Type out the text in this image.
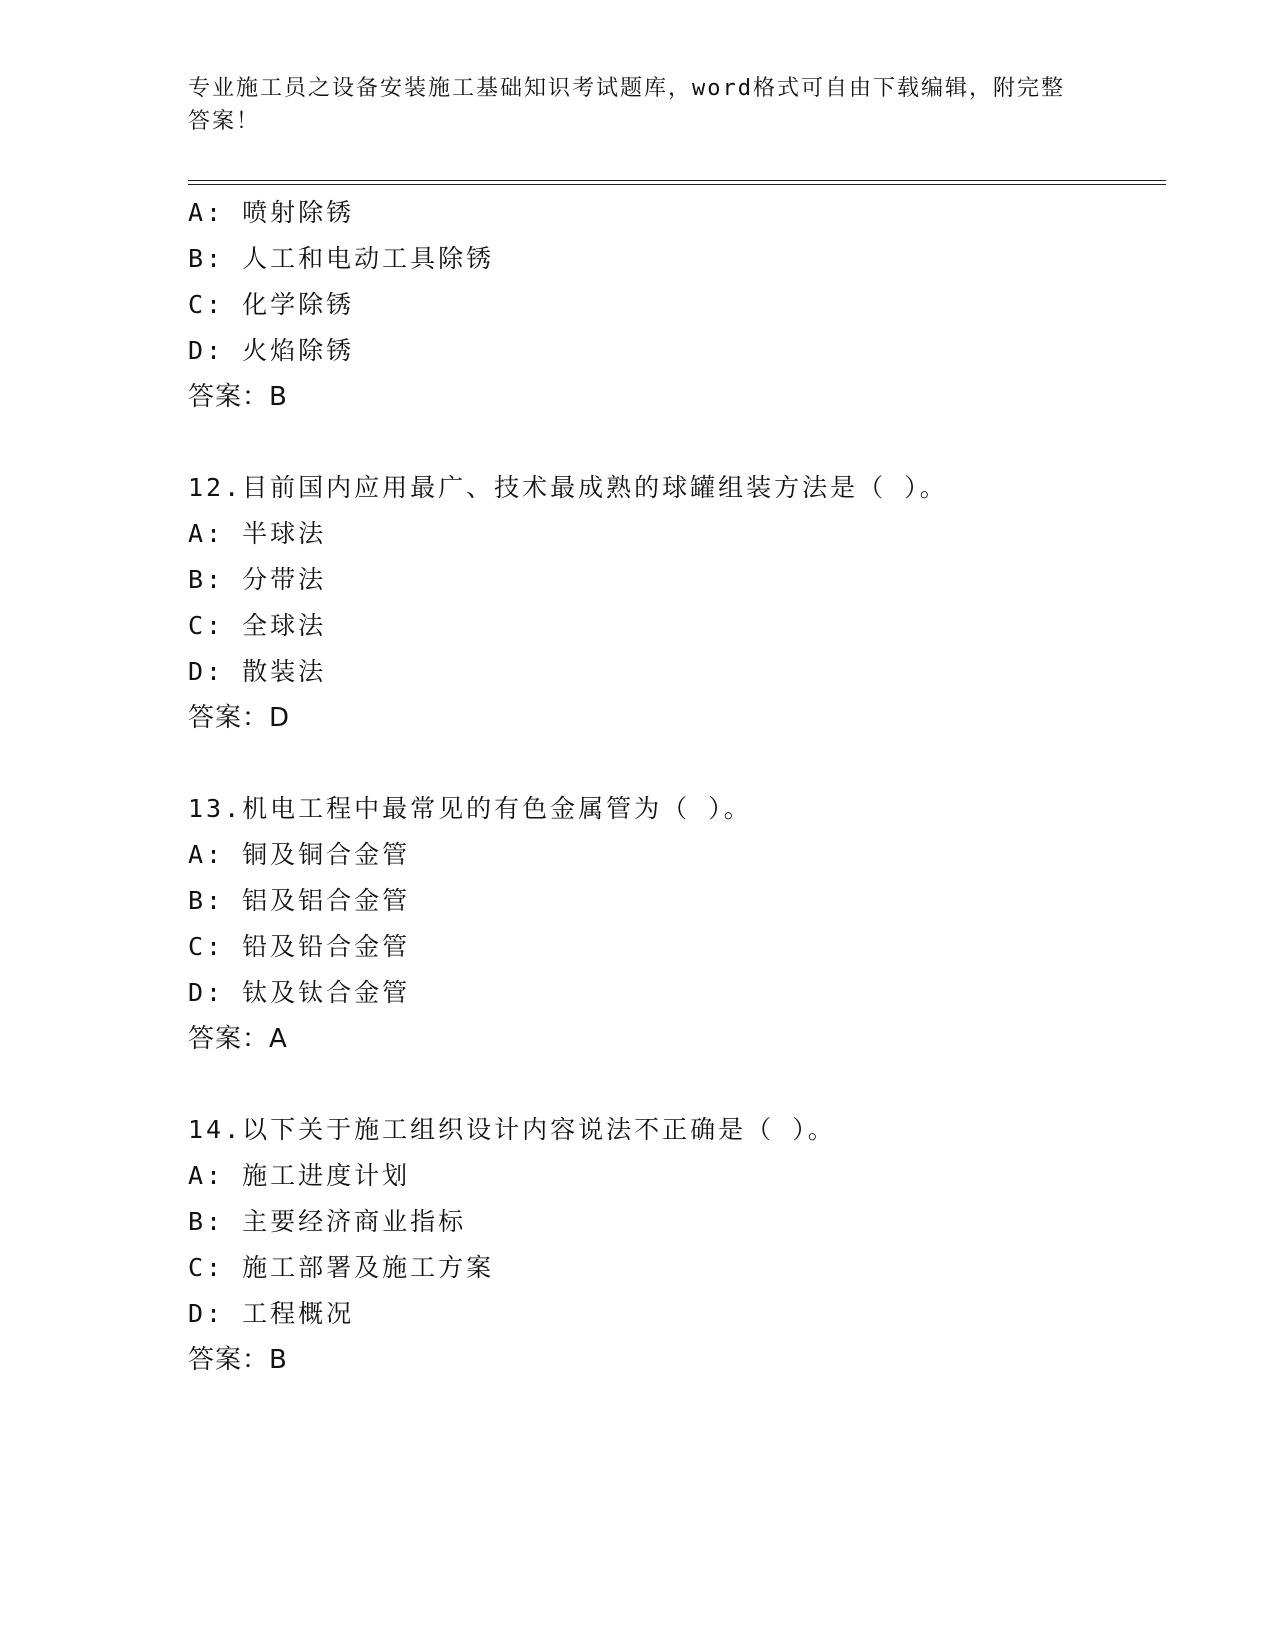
专业施工员之设备安装施工基础知识考试题库，word格式可自由下载编辑，附完整答案！
A: 喷射除锈
B: 人工和电动工具除锈
C: 化学除锈
D: 火焰除锈
答案：B
12.目前国内应用最广、技术最成熟的球罐组装方法是（ ）。
A: 半球法
B: 分带法
C: 全球法
D: 散装法
答案：D
13.机电工程中最常见的有色金属管为（ ）。
A: 铜及铜合金管
B: 铝及铝合金管
C: 铅及铅合金管
D: 钛及钛合金管
答案：A
14.以下关于施工组织设计内容说法不正确是（ ）。
A: 施工进度计划
B: 主要经济商业指标
C: 施工部署及施工方案
D: 工程概况
答案：B
